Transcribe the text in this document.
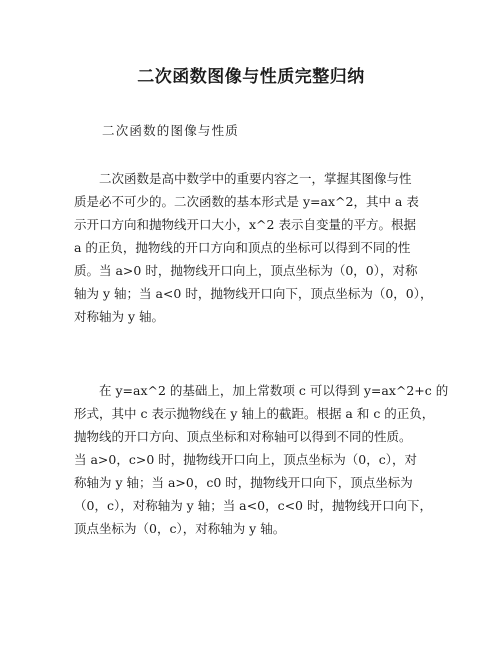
二次函数图像与性质完整归纳
二次函数的图像与性质

　　二次函数是高中数学中的重要内容之一，掌握其图像与性
质是必不可少的。二次函数的基本形式是 y=ax^2，其中 a 表
示开口方向和抛物线开口大小，x^2 表示自变量的平方。根据
a 的正负，抛物线的开口方向和顶点的坐标可以得到不同的性
质。当 a>0 时，抛物线开口向上，顶点坐标为（0，0），对称
轴为 y 轴；当 a<0 时，抛物线开口向下，顶点坐标为（0，0），
对称轴为 y 轴。

　　在 y=ax^2 的基础上，加上常数项 c 可以得到 y=ax^2+c 的
形式，其中 c 表示抛物线在 y 轴上的截距。根据 a 和 c 的正负，
抛物线的开口方向、顶点坐标和对称轴可以得到不同的性质。
当 a>0，c>0 时，抛物线开口向上，顶点坐标为（0，c），对
称轴为 y 轴；当 a>0，c0 时，抛物线开口向下，顶点坐标为
（0，c），对称轴为 y 轴；当 a<0，c<0 时，抛物线开口向下，
顶点坐标为（0，c），对称轴为 y 轴。
